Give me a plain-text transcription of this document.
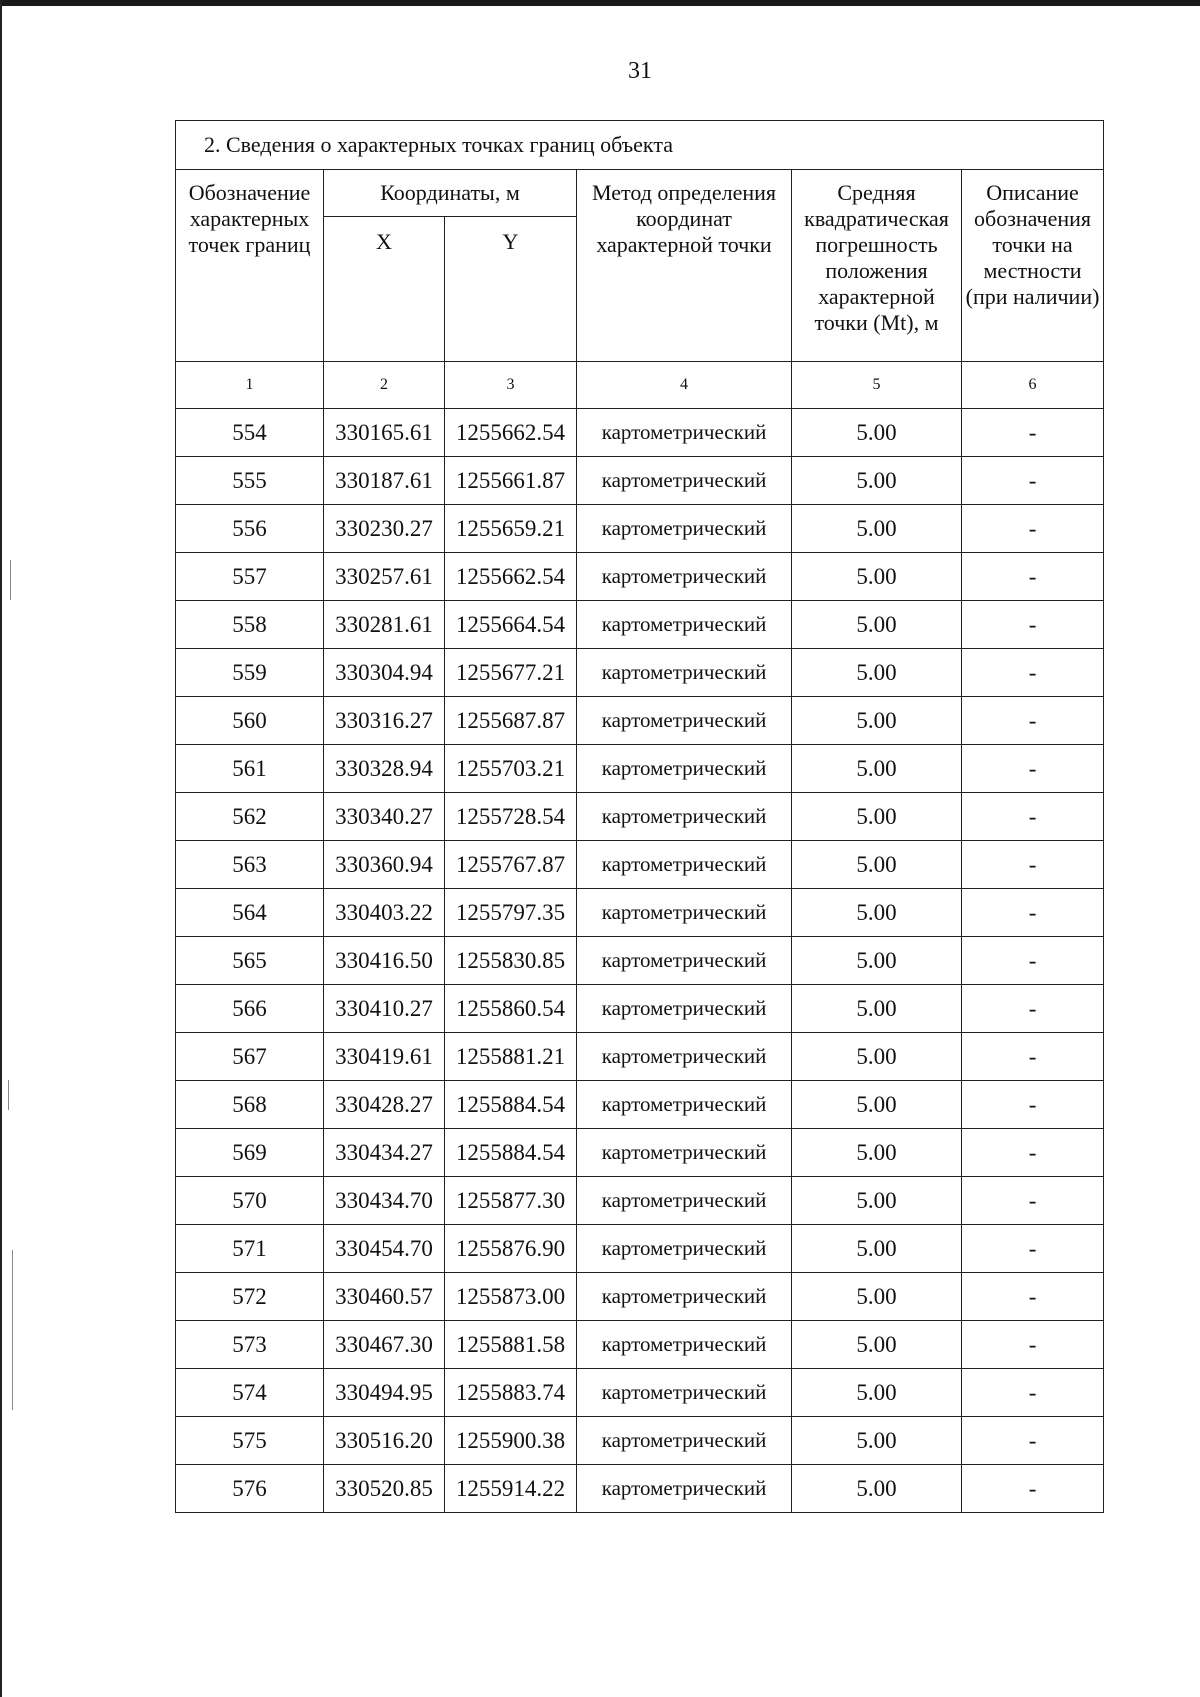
31
2. Сведения о характерных точках границ объекта					
Обозначение характерных точек границ	Координаты, м		Метод определения координат характерной точки	Средняя квадратическая погрешность положения характерной точки (Mt), м	Описание обозначения точки на местности (при наличии)
	X	Y			
1	2	3	4	5	6
554	330165.61	1255662.54	картометрический	5.00	-
555	330187.61	1255661.87	картометрический	5.00	-
556	330230.27	1255659.21	картометрический	5.00	-
557	330257.61	1255662.54	картометрический	5.00	-
558	330281.61	1255664.54	картометрический	5.00	-
559	330304.94	1255677.21	картометрический	5.00	-
560	330316.27	1255687.87	картометрический	5.00	-
561	330328.94	1255703.21	картометрический	5.00	-
562	330340.27	1255728.54	картометрический	5.00	-
563	330360.94	1255767.87	картометрический	5.00	-
564	330403.22	1255797.35	картометрический	5.00	-
565	330416.50	1255830.85	картометрический	5.00	-
566	330410.27	1255860.54	картометрический	5.00	-
567	330419.61	1255881.21	картометрический	5.00	-
568	330428.27	1255884.54	картометрический	5.00	-
569	330434.27	1255884.54	картометрический	5.00	-
570	330434.70	1255877.30	картометрический	5.00	-
571	330454.70	1255876.90	картометрический	5.00	-
572	330460.57	1255873.00	картометрический	5.00	-
573	330467.30	1255881.58	картометрический	5.00	-
574	330494.95	1255883.74	картометрический	5.00	-
575	330516.20	1255900.38	картометрический	5.00	-
576	330520.85	1255914.22	картометрический	5.00	-
